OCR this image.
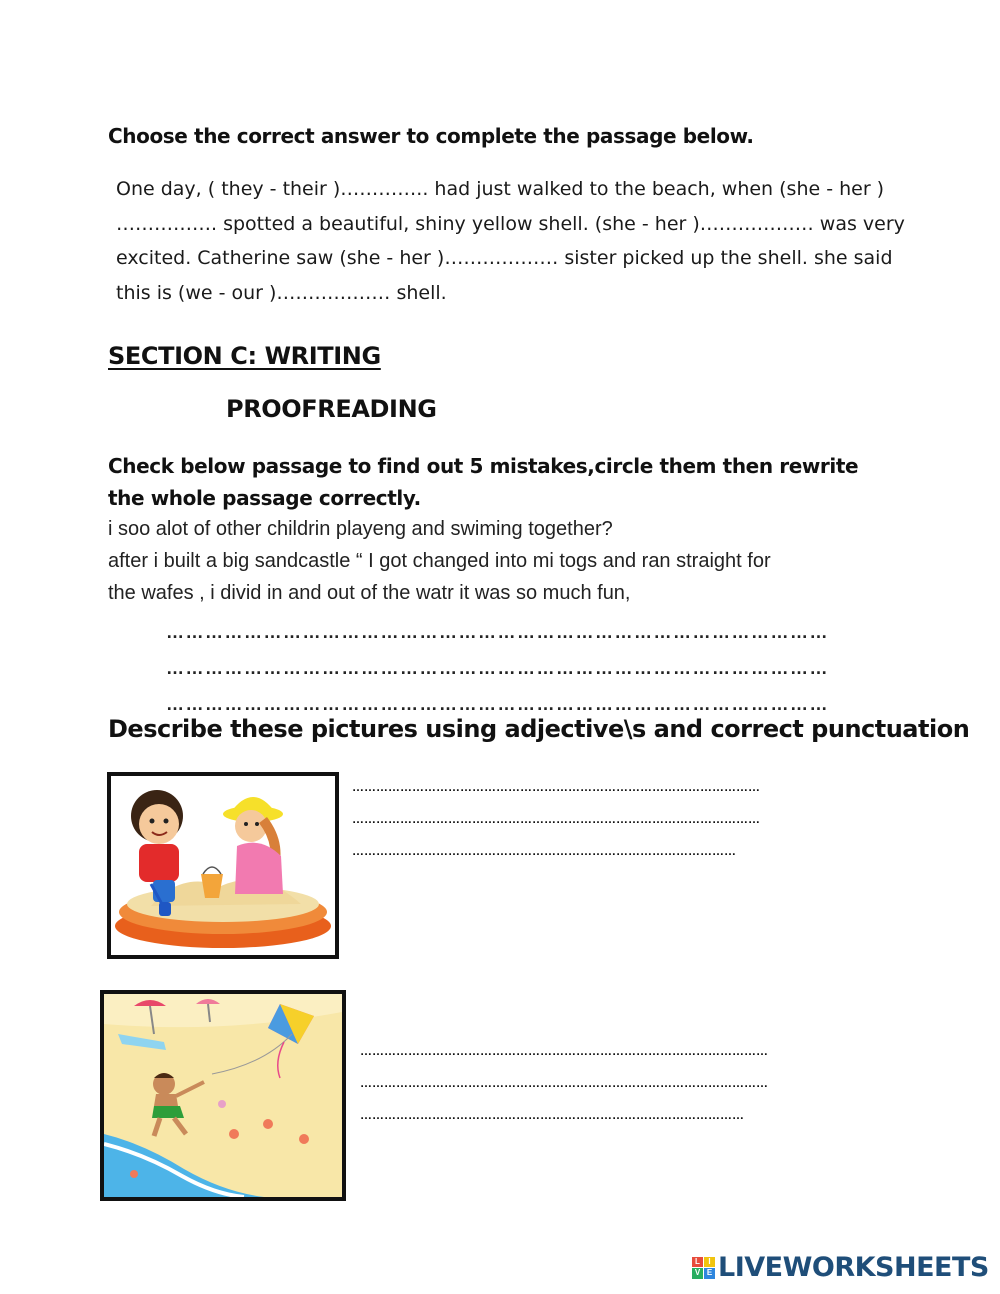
Choose the correct answer to complete the passage below.
One day, ( they - their )………….. had just walked to the beach, when (she - her )
……………. spotted a beautiful, shiny yellow shell. (she - her )……………… was very
excited. Catherine saw (she - her )……………… sister picked up the shell. she said
this is (we - our )……………… shell.
SECTION C: WRITING
PROOFREADING
Check below passage to find out 5 mistakes,circle them then rewrite the whole passage correctly.
i soo alot of other childrin playeng and swiming together?
after i built a big sandcastle “ I got changed into mi togs and ran straight for
the wafes , i divid in and out of the watr it was so much fun,
…………………………………………………………………………………………
…………………………………………………………………………………………
…………………………………………………………………………………………
Describe these pictures using adjective\s and correct punctuation
…………………………………………………………………………………………
…………………………………………………………………………………………
……………………………………………………………………………………
…………………………………………………………………………………………
…………………………………………………………………………………………
……………………………………………………………………………………
L	I
V E LIVEWORKSHEETS
